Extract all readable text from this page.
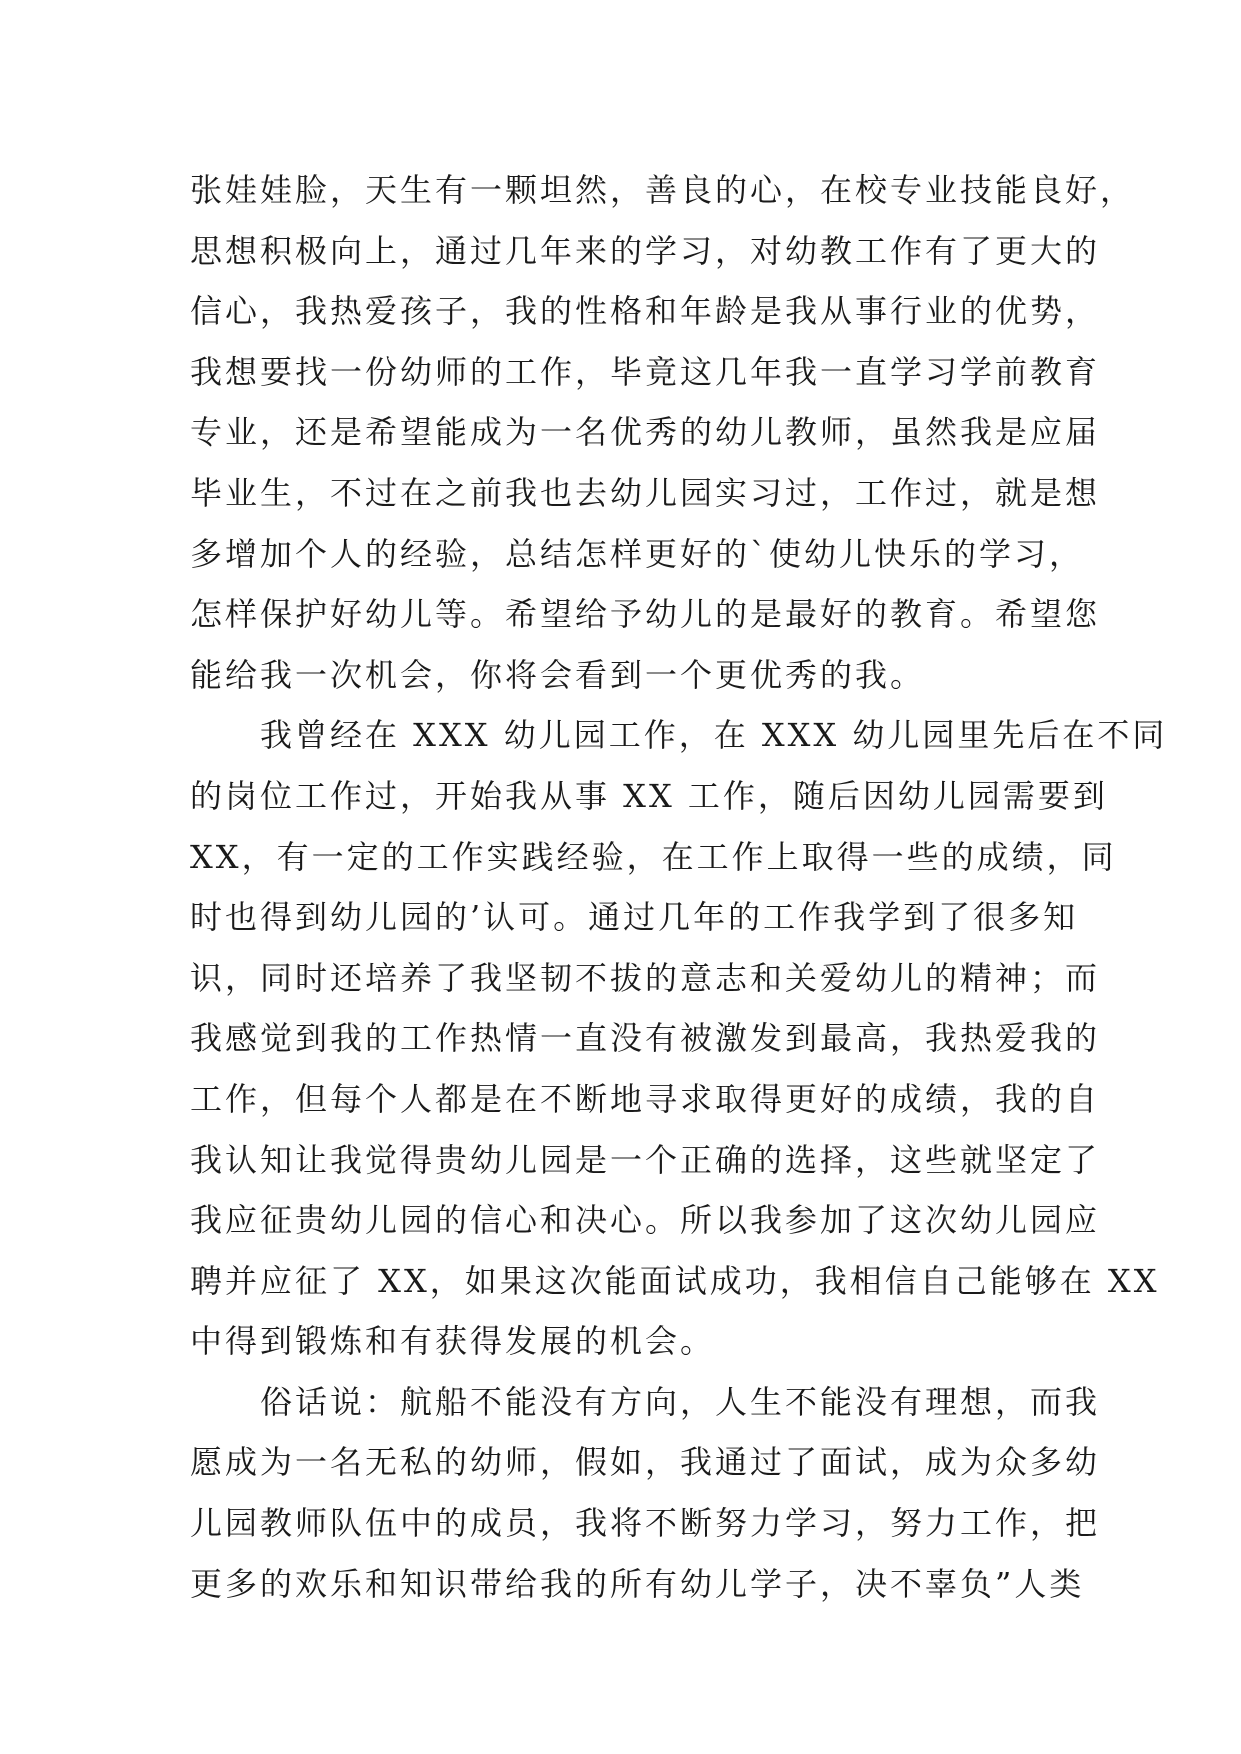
张娃娃脸，天生有一颗坦然，善良的心，在校专业技能良好，
思想积极向上，通过几年来的学习，对幼教工作有了更大的
信心，我热爱孩子，我的性格和年龄是我从事行业的优势，
我想要找一份幼师的工作，毕竟这几年我一直学习学前教育
专业，还是希望能成为一名优秀的幼儿教师，虽然我是应届
毕业生，不过在之前我也去幼儿园实习过，工作过，就是想
多增加个人的经验，总结怎样更好的`使幼儿快乐的学习，
怎样保护好幼儿等。希望给予幼儿的是最好的教育。希望您
能给我一次机会，你将会看到一个更优秀的我。
我曾经在 XXX 幼儿园工作，在 XXX 幼儿园里先后在不同
的岗位工作过，开始我从事 XX 工作，随后因幼儿园需要到
XX，有一定的工作实践经验，在工作上取得一些的成绩，同
时也得到幼儿园的’认可。通过几年的工作我学到了很多知
识，同时还培养了我坚韧不拔的意志和关爱幼儿的精神；而
我感觉到我的工作热情一直没有被激发到最高，我热爱我的
工作，但每个人都是在不断地寻求取得更好的成绩，我的自
我认知让我觉得贵幼儿园是一个正确的选择，这些就坚定了
我应征贵幼儿园的信心和决心。所以我参加了这次幼儿园应
聘并应征了 XX，如果这次能面试成功，我相信自己能够在 XX
中得到锻炼和有获得发展的机会。
俗话说：航船不能没有方向，人生不能没有理想，而我
愿成为一名无私的幼师，假如，我通过了面试，成为众多幼
儿园教师队伍中的成员，我将不断努力学习，努力工作，把
更多的欢乐和知识带给我的所有幼儿学子，决不辜负”人类
